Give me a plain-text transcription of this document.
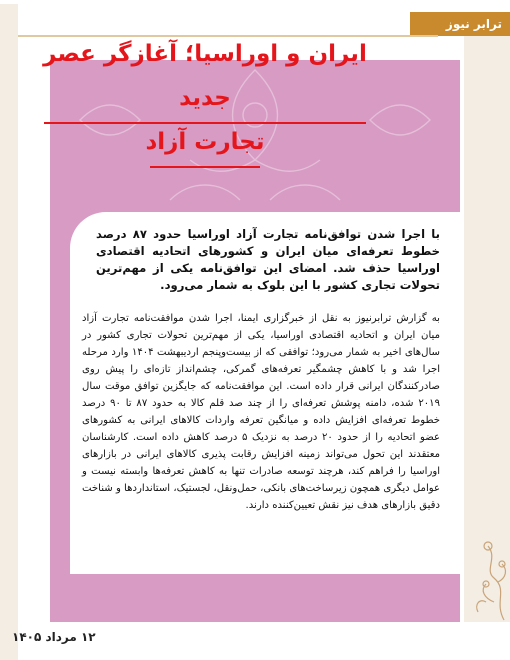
ترابر نیوز
ایران و اوراسیا؛ آغازگر عصر جدید
تجارت آزاد

با اجرا شدن توافق‌نامه تجارت آزاد اوراسیا حدود ۸۷ درصد خطوط تعرفه‌ای میان ایران و کشورهای اتحادیه اقتصادی اوراسیا حذف شد. امضای این توافق‌نامه یکی از مهم‌ترین تحولات تجاری کشور با این بلوک به شمار می‌رود.

به گزارش ترابرنیوز به نقل از خبرگزاری ایمنا، اجرا شدن موافقت‌نامه تجارت آزاد میان ایران و اتحادیه اقتصادی اوراسیا، یکی از مهم‌ترین تحولات تجاری کشور در سال‌های اخیر به شمار می‌رود؛ توافقی که از بیست‌وپنجم اردیبهشت ۱۴۰۴ وارد مرحله اجرا شد و با کاهش چشمگیر تعرفه‌های گمرکی، چشم‌انداز تازه‌ای را پیش روی صادرکنندگان ایرانی قرار داده است. این موافقت‌نامه که جایگزین توافق موقت سال ۲۰۱۹ شده، دامنه پوشش تعرفه‌ای را از چند صد قلم کالا به حدود ۸۷ تا ۹۰ درصد خطوط تعرفه‌ای افزایش داده و میانگین تعرفه واردات کالاهای ایرانی به کشورهای عضو اتحادیه را از حدود ۲۰ درصد به نزدیک ۵ درصد کاهش داده است. کارشناسان معتقدند این تحول می‌تواند زمینه افزایش رقابت پذیری کالاهای ایرانی در بازارهای اوراسیا را فراهم کند، هرچند توسعه صادرات تنها به کاهش تعرفه‌ها وابسته نیست و عوامل دیگری همچون زیرساخت‌های بانکی، حمل‌ونقل، لجستیک، استانداردها و شناخت دقیق بازارهای هدف نیز نقش تعیین‌کننده دارند.

۱۲ مرداد ۱۴۰۵
